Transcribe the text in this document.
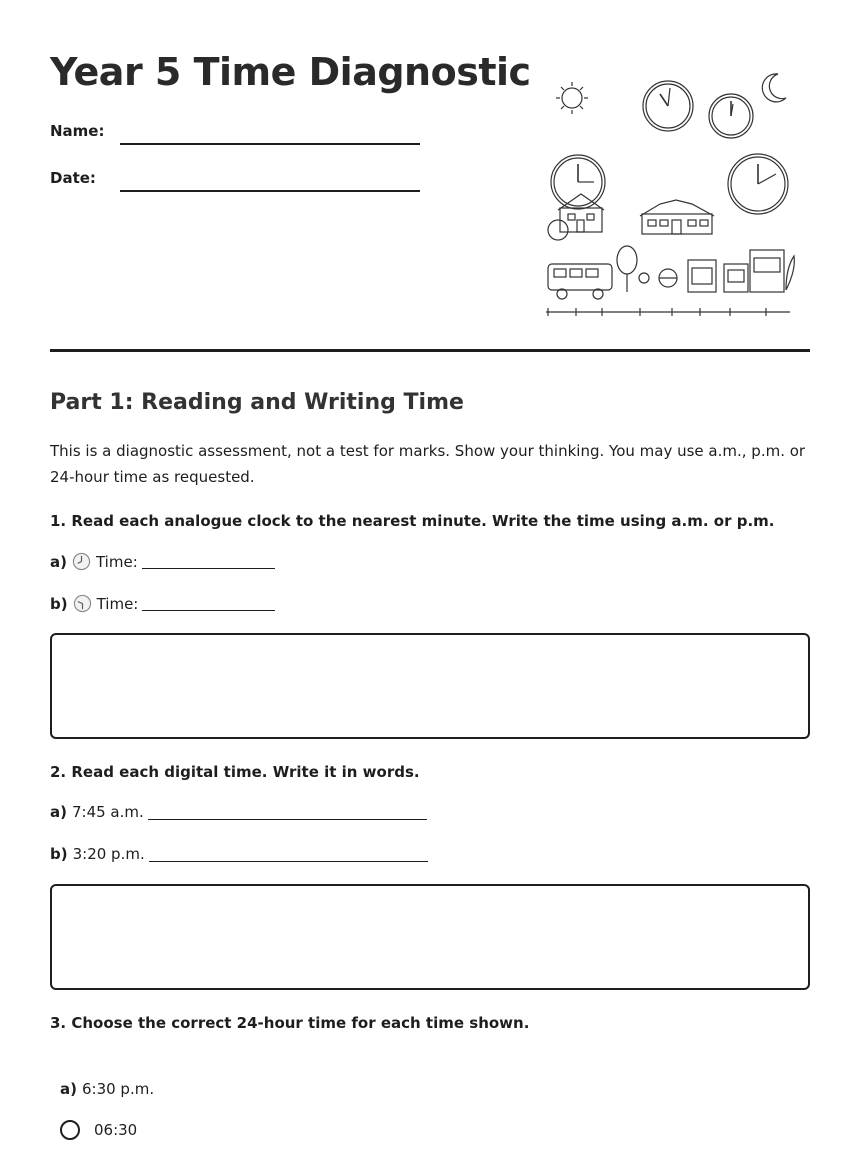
Year 5 Time Diagnostic
Name:
Date:
Part 1: Reading and Writing Time

This is a diagnostic assessment, not a test for marks. Show your thinking. You may use a.m., p.m. or 24-hour time as requested.

1. Read each analogue clock to the nearest minute. Write the time using a.m. or p.m.

a) Time:
b) Time:

2. Read each digital time. Write it in words.

a) 7:45 a.m.
b) 3:20 p.m.

3. Choose the correct 24-hour time for each time shown.

a) 6:30 p.m.
06:30
